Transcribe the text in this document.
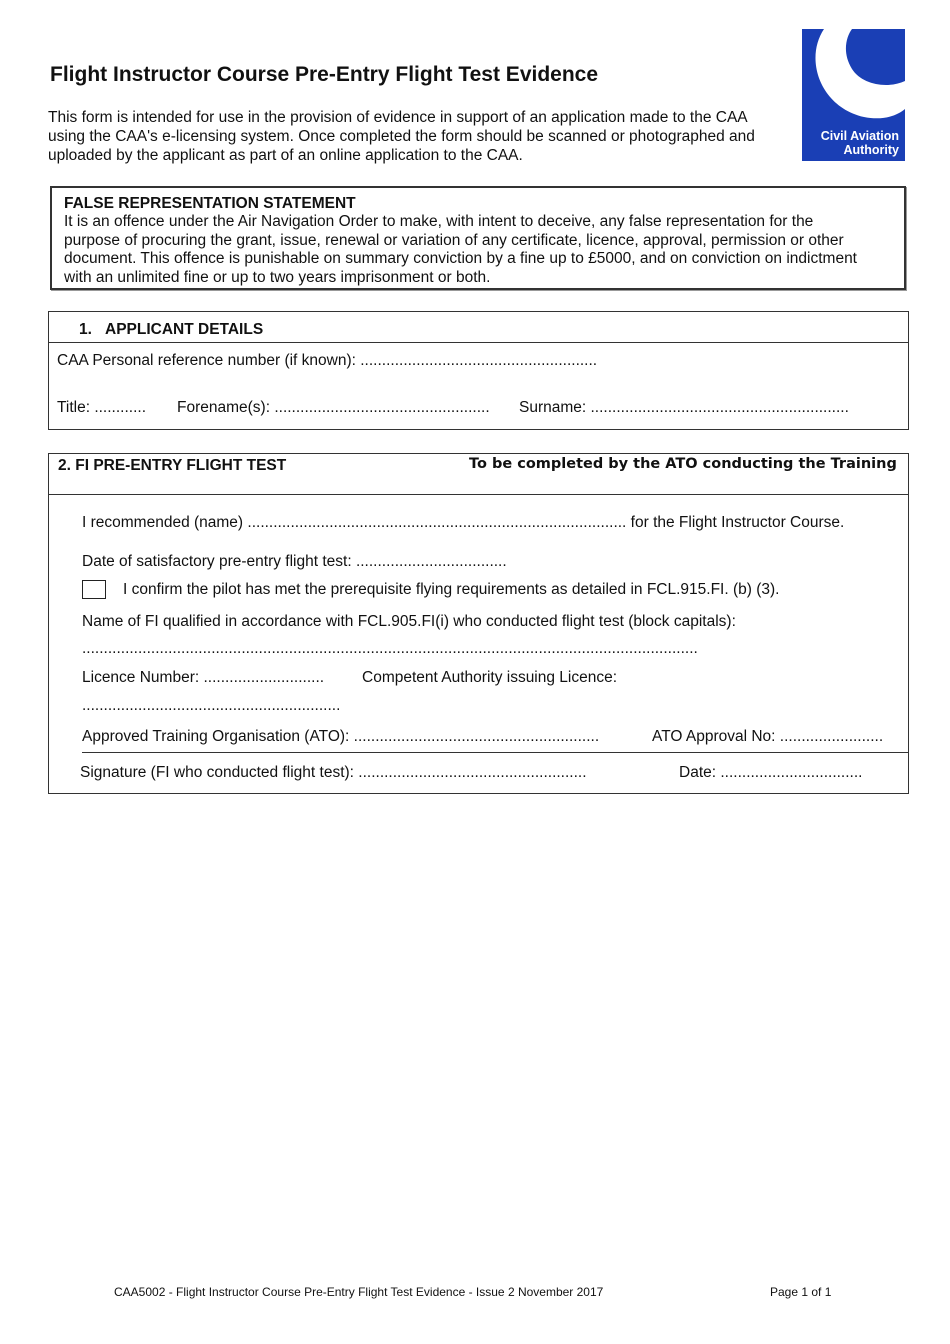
Flight Instructor Course Pre-Entry Flight Test Evidence
This form is intended for use in the provision of evidence in support of an application made to the CAA
using the CAA's e-licensing system. Once completed the form should be scanned or photographed and
uploaded by the applicant as part of an online application to the CAA.
Civil Aviation
Authority
FALSE REPRESENTATION STATEMENT
It is an offence under the Air Navigation Order to make, with intent to deceive, any false representation for the
purpose of procuring the grant, issue, renewal or variation of any certificate, licence, approval, permission or other
document. This offence is punishable on summary conviction by a fine up to £5000, and on conviction on indictment
with an unlimited fine or up to two years imprisonment or both.
1. APPLICANT DETAILS
CAA Personal reference number (if known): .......................................................
Title: ............ Forename(s): .................................................. Surname: ............................................................
2. FI PRE-ENTRY FLIGHT TEST	To be completed by the ATO conducting the Training
I recommended (name) ........................................................................................ for the Flight Instructor Course.
Date of satisfactory pre-entry flight test: ...................................
I confirm the pilot has met the prerequisite flying requirements as detailed in FCL.915.FI. (b) (3).
Name of FI qualified in accordance with FCL.905.FI(i) who conducted flight test (block capitals):
...............................................................................................................................................
Licence Number: ............................ Competent Authority issuing Licence:
............................................................
Approved Training Organisation (ATO): .........................................................	ATO Approval No: ........................
Signature (FI who conducted flight test): .....................................................	Date: .................................
CAA5002 - Flight Instructor Course Pre-Entry Flight Test Evidence - Issue 2 November 2017	Page 1 of 1
